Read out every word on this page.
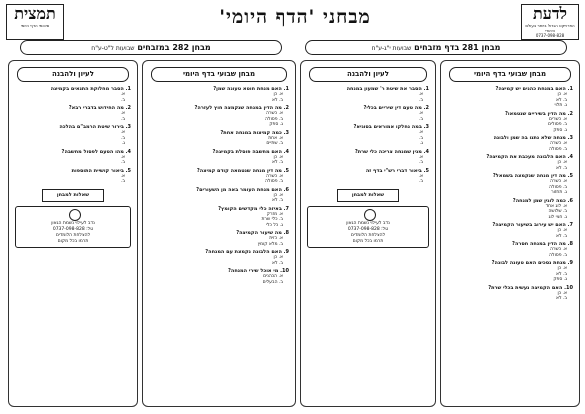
לדעת
הפרוייקט הגדול ביותר בעולם היהודי
0737-098-828
מבחני 'הדף היומי'
תמצית
סיכומי הדף היומי
מבחן 281 בדף מזבחים שבועות י"ג-ע"ח
מבחן 282 במזבחים שבועות ל"ט-ע"ח
מבחן שבועי בדף היומי
1. האם במנחת כהנים יש קמיצה?
א. כן
ב. לא
ג. תלוי
2. מה הדין בשיריים שנטמאו?
א. כשרים
ב. פסולים
ג. ספק
3. מנחה שלא נתנו בה שמן ולבונה
א. כשרה
ב. פסולה
4. האם הלבונה מעכבת את הקמיצה?
א. כן
ב. לא
5. מה דין מנחה שנקמצה בשמאל?
א. כשרה
ב. פסולה
ג. תחזור
6. כמה לוגין שמן למנחה?
א. לוג אחד
ב. שלושה
ג. חצי לוג
7. האם יש עירוב בשיעור הקמיצה?
א. כן
ב. לא
8. מה הדין במנחה חסרה?
א. כשרה
ב. פסולה
9. מנחת נסכים האם טעונה לבונה?
א. כן
ב. לא
ג. ספק
10. האם הקמיצה נעשית בכלי שרת?
א. כן
ב. לא
לעיון ולהבנה
1. הסבר את שיטת ר' שמעון במנחה
א.
ב.
2. מה טעם דין שיריים בכלי?
א.
ב.
3. במה נחלקו אמוראים בסוגיא?
א.
ב.
ג.
4. מנין שמנחה צריכה כלי שרת?
א.
ב.
5. ביאור דברי רש"י בדף זה
א.
ב.
שאלות למבחן
נדב לעילוי נשמת הגאון
טל: 0737-098-828
להצלחת הלומדים
תרמו בכל מקום
מבחן שבועי בדף היומי
1. האם מנחת חוטא טעונה שמן?
א. כן
ב. לא
2. מה הדין במנחה שנקמצה חוץ לעזרה?
א. כשרה
ב. פסולה
ג. ספק
3. כמה קמיצות במנחה אחת?
א. אחת
ב. שתיים
4. האם מחשבה פוסלת בקמיצה?
א. כן
ב. לא
5. מה דין מנחה שנטמאה קודם קמיצה?
א. כשרה
ב. פסולה
6. האם מנחת העומר באה מן השעורים?
א. כן
ב. לא
7. באיזה כלי מקדשים הקומץ?
א. מזרק
ב. כלי שרת
ג. כל כלי
8. מה שיעור הקמיצה?
א. כזית
ב. מלא קומץ
9. האם הלבונה נקמצת עם המנחה?
א. כן
ב. לא
10. מי אוכל שירי המנחה?
א. הכהנים
ב. הבעלים
לעיון ולהבנה
1. הסבר מחלוקת התנאים בקמיצה
א.
ב.
2. מה החידוש בדברי רבא?
א.
ב.
3. בירור שיטת הרמב"ם בהלכה
א.
ב.
ג.
4. מהו הטעם לפסול מחשבה?
א.
ב.
5. ביאור קושיית התוספות
א.
ב.
שאלות למבחן
נדב לעילוי נשמת הגאון
טל: 0737-098-828
להצלחת הלומדים
תרמו בכל מקום
